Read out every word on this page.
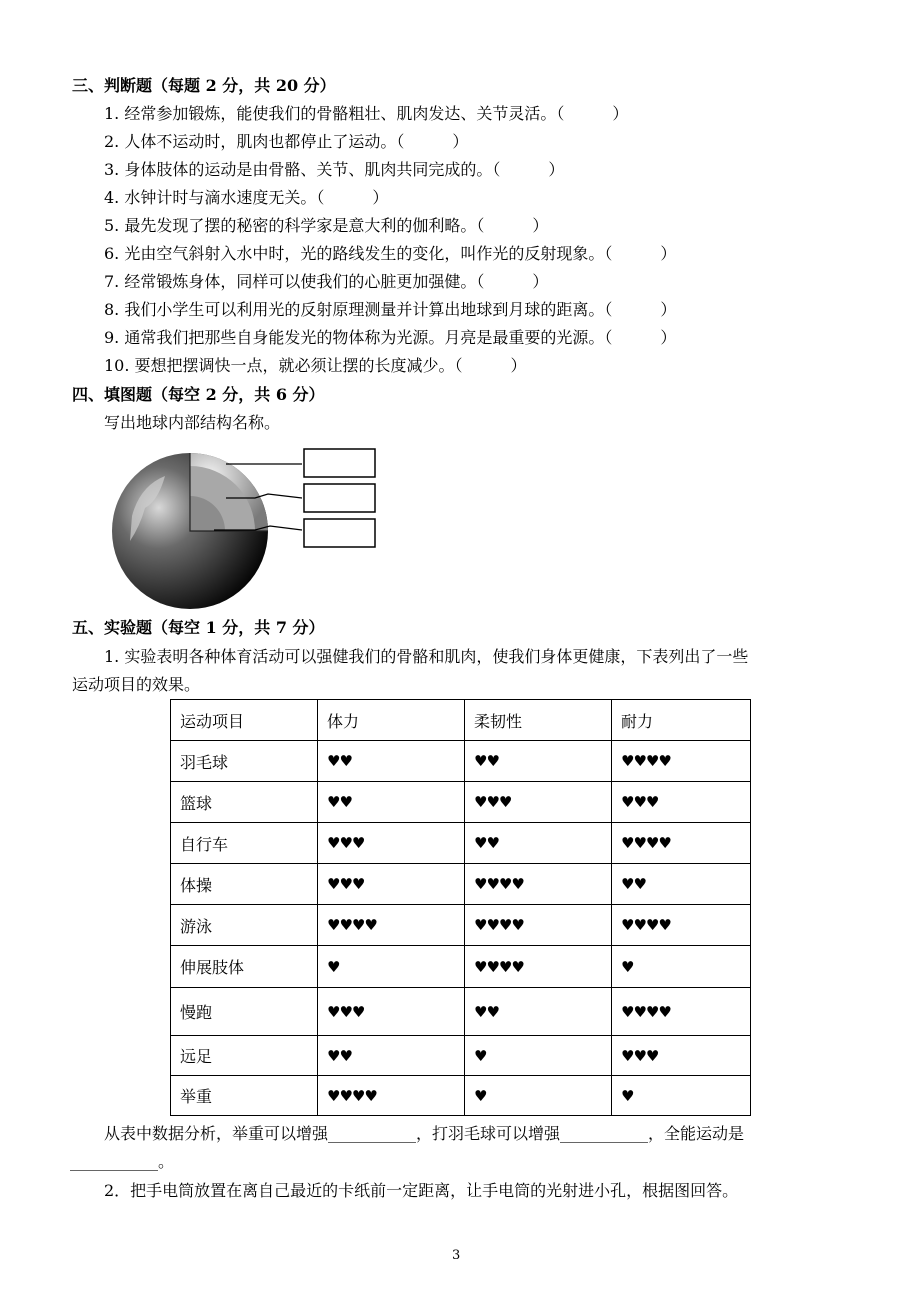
三、判断题（每题 2 分，共 20 分）
1. 经常参加锻炼，能使我们的骨骼粗壮、肌肉发达、关节灵活。（　　　）
2. 人体不运动时，肌肉也都停止了运动。（　　　）
3. 身体肢体的运动是由骨骼、关节、肌肉共同完成的。（　　　）
4. 水钟计时与滴水速度无关。（　　　）
5. 最先发现了摆的秘密的科学家是意大利的伽利略。（　　　）
6. 光由空气斜射入水中时，光的路线发生的变化，叫作光的反射现象。（　　　）
7. 经常锻炼身体，同样可以使我们的心脏更加强健。（　　　）
8. 我们小学生可以利用光的反射原理测量并计算出地球到月球的距离。（　　　）
9. 通常我们把那些自身能发光的物体称为光源。月亮是最重要的光源。（　　　）
10. 要想把摆调快一点，就必须让摆的长度减少。（　　　）
四、填图题（每空 2 分，共 6 分）
写出地球内部结构名称。
五、实验题（每空 1 分，共 7 分）
1. 实验表明各种体育活动可以强健我们的骨骼和肌肉，使我们身体更健康，下表列出了一些
运动项目的效果。
运动项目	体力	柔韧性	耐力
羽毛球	♥♥	♥♥	♥♥♥♥
篮球	♥♥	♥♥♥	♥♥♥
自行车	♥♥♥	♥♥	♥♥♥♥
体操	♥♥♥	♥♥♥♥	♥♥
游泳	♥♥♥♥	♥♥♥♥	♥♥♥♥
伸展肢体	♥	♥♥♥♥	♥
慢跑	♥♥♥	♥♥	♥♥♥♥
远足	♥♥	♥	♥♥♥
举重	♥♥♥♥	♥	♥
从表中数据分析，举重可以增强___________，打羽毛球可以增强___________，全能运动是
___________。
2．把手电筒放置在离自己最近的卡纸前一定距离，让手电筒的光射进小孔，根据图回答。
3
